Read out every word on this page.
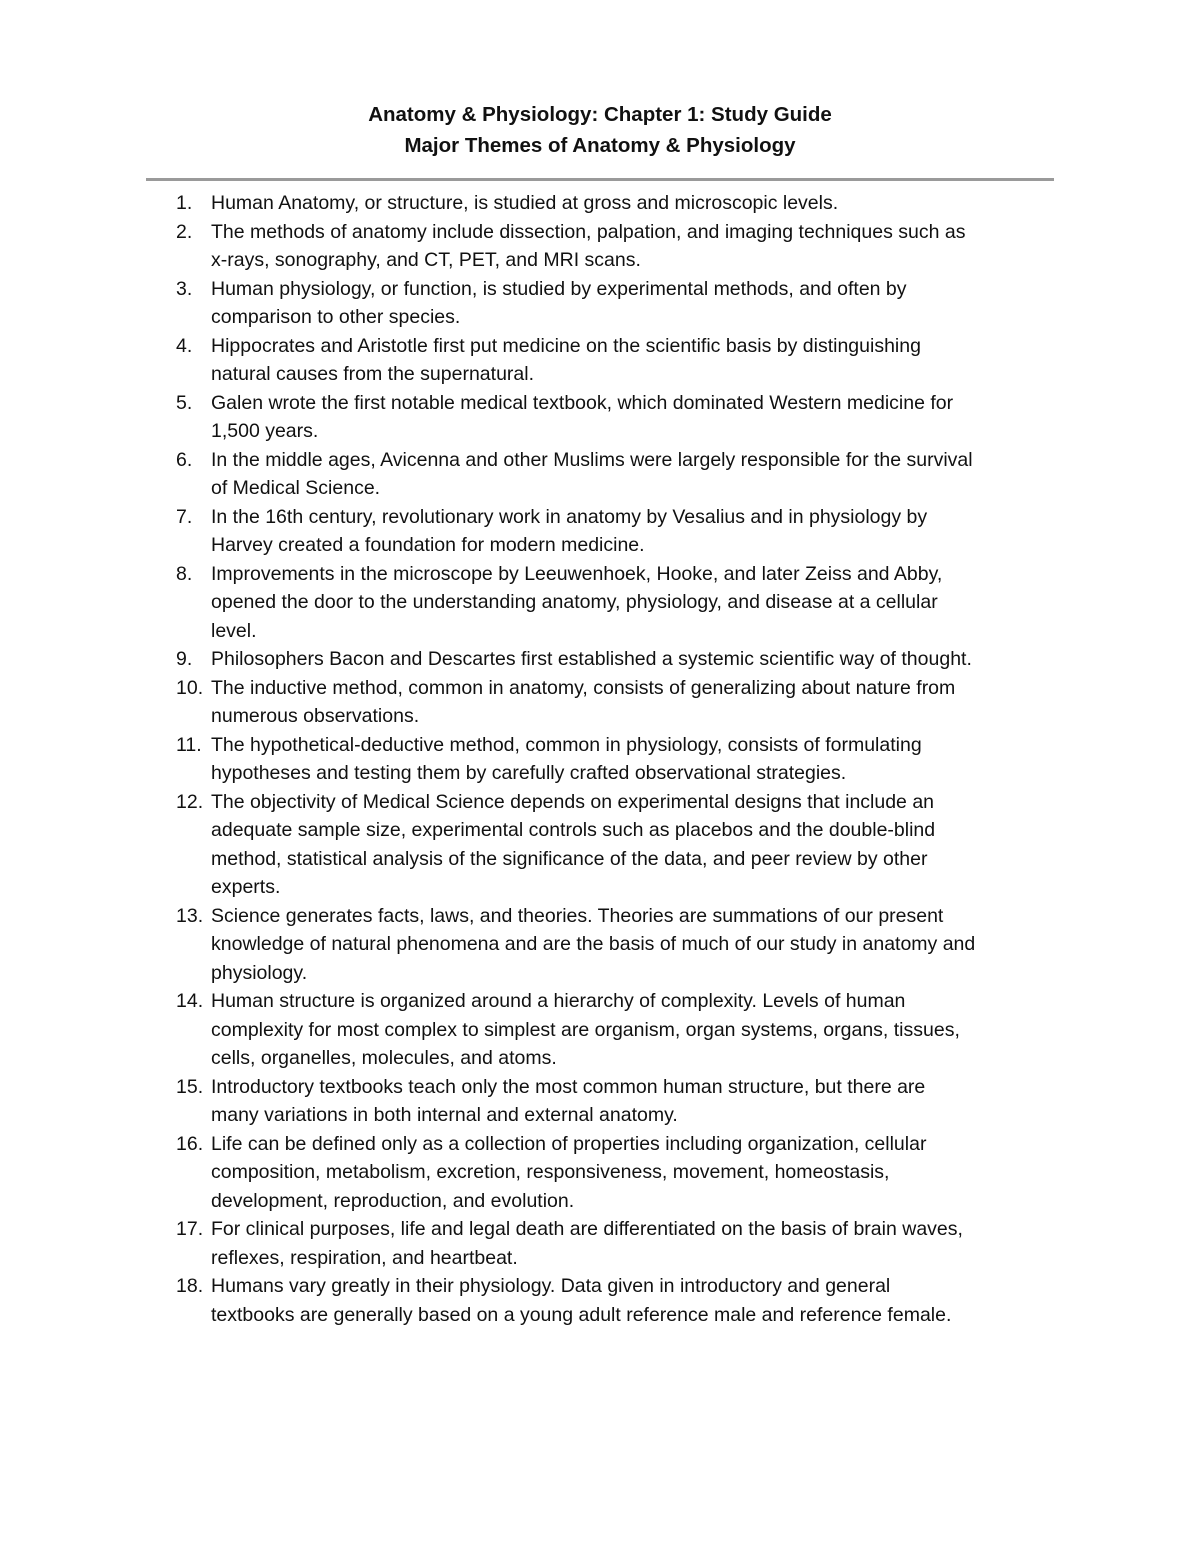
Anatomy & Physiology: Chapter 1: Study Guide
Major Themes of Anatomy & Physiology
1. Human Anatomy, or structure, is studied at gross and microscopic levels.
2. The methods of anatomy include dissection, palpation, and imaging techniques such as
x-rays, sonography, and CT, PET, and MRI scans.
3. Human physiology, or function, is studied by experimental methods, and often by
comparison to other species.
4. Hippocrates and Aristotle first put medicine on the scientific basis by distinguishing
natural causes from the supernatural.
5. Galen wrote the first notable medical textbook, which dominated Western medicine for
1,500 years.
6. In the middle ages, Avicenna and other Muslims were largely responsible for the survival
of Medical Science.
7. In the 16th century, revolutionary work in anatomy by Vesalius and in physiology by
Harvey created a foundation for modern medicine.
8. Improvements in the microscope by Leeuwenhoek, Hooke, and later Zeiss and Abby,
opened the door to the understanding anatomy, physiology, and disease at a cellular
level.
9. Philosophers Bacon and Descartes first established a systemic scientific way of thought.
10. The inductive method, common in anatomy, consists of generalizing about nature from
numerous observations.
11. The hypothetical-deductive method, common in physiology, consists of formulating
hypotheses and testing them by carefully crafted observational strategies.
12. The objectivity of Medical Science depends on experimental designs that include an
adequate sample size, experimental controls such as placebos and the double-blind
method, statistical analysis of the significance of the data, and peer review by other
experts.
13. Science generates facts, laws, and theories. Theories are summations of our present
knowledge of natural phenomena and are the basis of much of our study in anatomy and
physiology.
14. Human structure is organized around a hierarchy of complexity. Levels of human
complexity for most complex to simplest are organism, organ systems, organs, tissues,
cells, organelles, molecules, and atoms.
15. Introductory textbooks teach only the most common human structure, but there are
many variations in both internal and external anatomy.
16. Life can be defined only as a collection of properties including organization, cellular
composition, metabolism, excretion, responsiveness, movement, homeostasis,
development, reproduction, and evolution.
17. For clinical purposes, life and legal death are differentiated on the basis of brain waves,
reflexes, respiration, and heartbeat.
18. Humans vary greatly in their physiology. Data given in introductory and general
textbooks are generally based on a young adult reference male and reference female.
